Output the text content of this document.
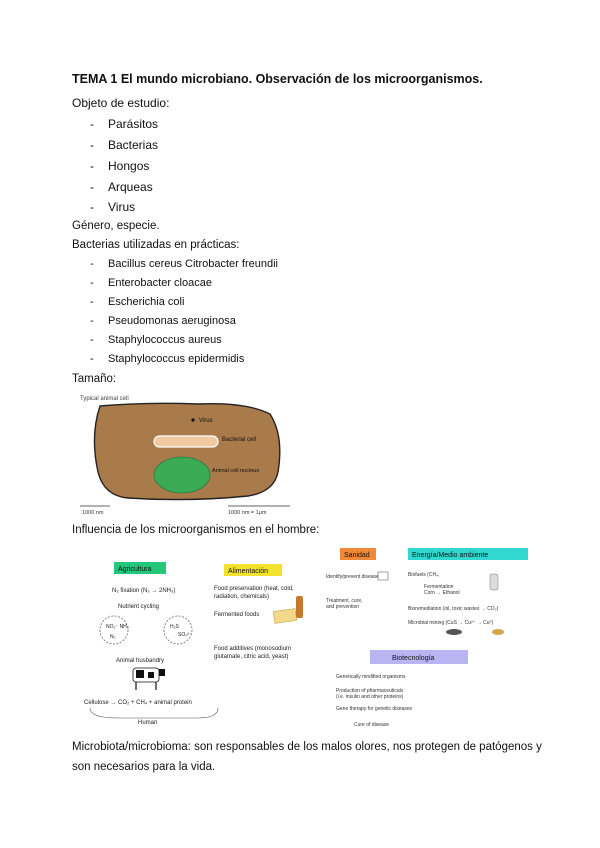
TEMA 1 El mundo microbiano. Observación de los microorganismos.
Objeto de estudio:
- Parásitos
- Bacterias
- Hongos
- Arqueas
- Virus
Género, especie.
Bacterias utilizadas en prácticas:
- Bacillus cereus Citrobacter freundii
- Enterobacter cloacae
- Escherichia coli
- Pseudomonas aeruginosa
- Staphylococcus aureus
- Staphylococcus epidermidis
Tamaño:
Typical animal cell
Virus
Bacterial cell
Animal cell nucleus
1000 nm	1000 nm = 1μm
Influencia de los microorganismos en el hombre:
Agricultura
N₂ fixation (N₂ → 2NH₃)
Nutrient cycling
NO₃⁻ NH₃
N₂
H₂S
SO₄²⁻
Animal husbandry
Cellulose → CO₂ + CH₄ + animal protein
Human
Alimentación
Food preservation (heat, cold,
radiation, chemicals)
Fermented foods
Food additives (monosodium
glutamate, citric acid, yeast)
Sanidad
Identify/prevent disease
Treatment, cure,
and prevention
Energía/Medio ambiente
Biofuels (CH₄,
Fermentation
Corn → Ethanol
Bioremediation (oil, toxic wastes → CO₂)
Microbial mining (CuS → Cu²⁺ → Cu⁰)
Biotecnología
Genetically modified organisms
Production of pharmaceuticals
(i.e. insulin and other proteins)
Gene therapy for genetic diseases
Cure of disease
Microbiota/microbioma: son responsables de los malos olores, nos protegen de patógenos y
son necesarios para la vida.
